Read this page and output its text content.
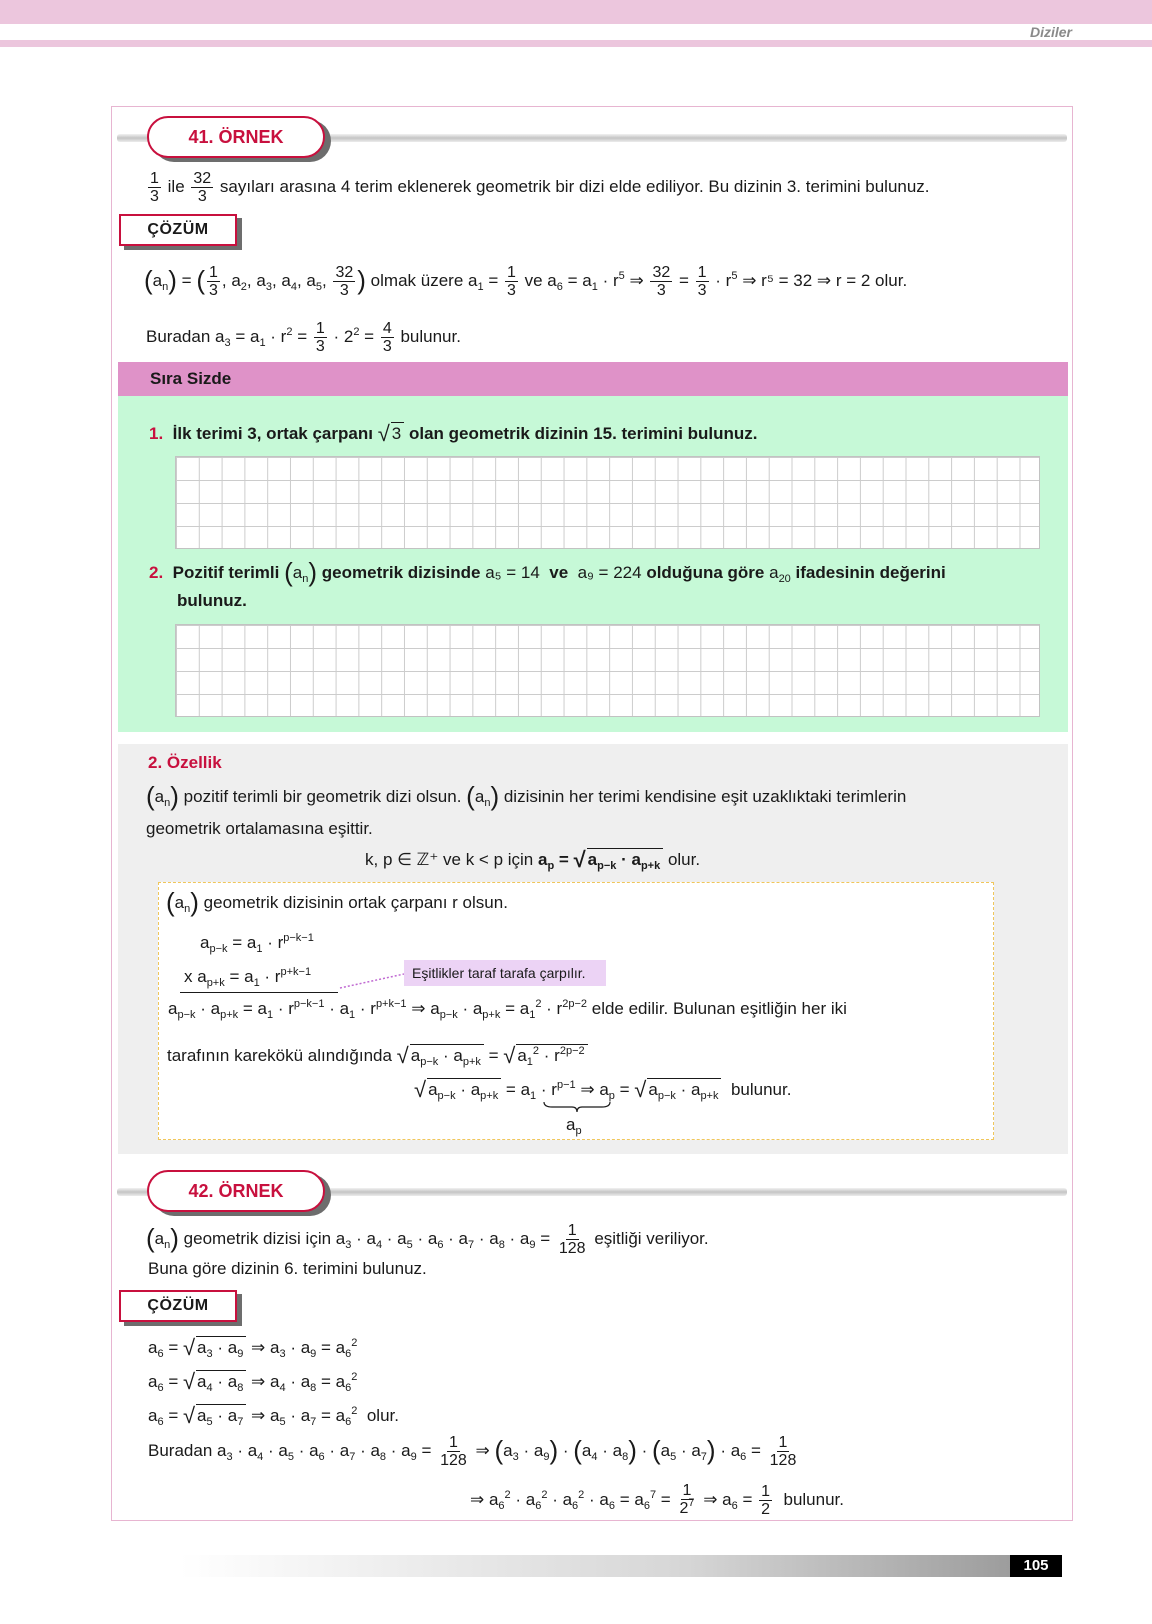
Diziler
41. ÖRNEK
$\frac{1}{3}$ ile $\frac{32}{3}$ sayıları arasına 4 terim eklenerek geometrik bir dizi elde ediliyor. Bu dizinin 3. terimini bulunuz.
ÇÖZÜM
$(a_n)$ = ( $\frac{1}{3}$ , $a_2$, $a_3$, $a_4$, $a_5$, $\frac{32}{3}$ ) olmak üzere $a_1 = \frac{1}{3}$ ve $a_6 = a_1 \cdot r^5$ ⇒ $\frac{32}{3} = \frac{1}{3} \cdot r^5$ ⇒ r⁵ = 32 ⇒ r = 2 olur.
Buradan $a_3 = a_1 \cdot r^2 = \frac{1}{3} \cdot 2^2 = \frac{4}{3}$ bulunur.
Sıra Sizde
1. İlk terimi 3, ortak çarpanı √ 3 olan geometrik dizinin 15. terimini bulunuz.
2. Pozitif terimli $(a_n)$ geometrik dizisinde a₅ = 14 ve a₉ = 224 olduğuna göre $a_{20}$ ifadesinin değerini
bulunuz.
2. Özellik
$(a_n)$ pozitif terimli bir geometrik dizi olsun. $(a_n)$ dizisinin her terimi kendisine eşit uzaklıktaki terimlerin
geometrik ortalamasına eşittir.
k, p ∈ ℤ⁺ ve k < p için $a_p$ = √ $a_{p-k} \cdot a_{p+k}$ olur.
$(a_n)$ geometrik dizisinin ortak çarpanı r olsun.
$a_{p-k} = a_1 \cdot r^{p-k-1}$
x $a_{p+k} = a_1 \cdot r^{p+k-1}$	Eşitlikler taraf tarafa çarpılır.
$a_{p-k} \cdot a_{p+k} = a_1 \cdot r^{p-k-1} \cdot a_1 \cdot r^{p+k-1}$ ⇒ $a_{p-k} \cdot a_{p+k} = a_1^2 \cdot r^{2p-2}$ elde edilir. Bulunan eşitliğin her iki
tarafının karekökü alındığında √ $a_{p-k} \cdot a_{p+k}$ = √ $a_1^2 \cdot r^{2p-2}$
√ $a_{p-k} \cdot a_{p+k} = a_1 \cdot r^{p-1}$ ⇒ $a_p$ = √ $a_{p-k} \cdot a_{p+k}$ bulunur.
$a_p$
42. ÖRNEK
$(a_n)$ geometrik dizisi için $a_3 \cdot a_4 \cdot a_5 \cdot a_6 \cdot a_7 \cdot a_8 \cdot a_9 = \frac{1}{128}$ eşitliği veriliyor.
Buna göre dizinin 6. terimini bulunuz.
ÇÖZÜM
$a_6$ = √ $a_3 \cdot a_9$ ⇒ $a_3 \cdot a_9 = a_6^2$
$a_6$ = √ $a_4 \cdot a_8$ ⇒ $a_4 \cdot a_8 = a_6^2$
$a_6$ = √ $a_5 \cdot a_7$ ⇒ $a_5 \cdot a_7 = a_6^2$ olur.
Buradan $a_3 \cdot a_4 \cdot a_5 \cdot a_6 \cdot a_7 \cdot a_8 \cdot a_9 = \frac{1}{128}$ ⇒ $(a_3 \cdot a_9) \cdot (a_4 \cdot a_8) \cdot (a_5 \cdot a_7) \cdot a_6 = \frac{1}{128}$
⇒ $a_6^2 \cdot a_6^2 \cdot a_6^2 \cdot a_6 = a_6^7 = \frac{1}{2^7}$ ⇒ $a_6 = \frac{1}{2}$ bulunur.
105
